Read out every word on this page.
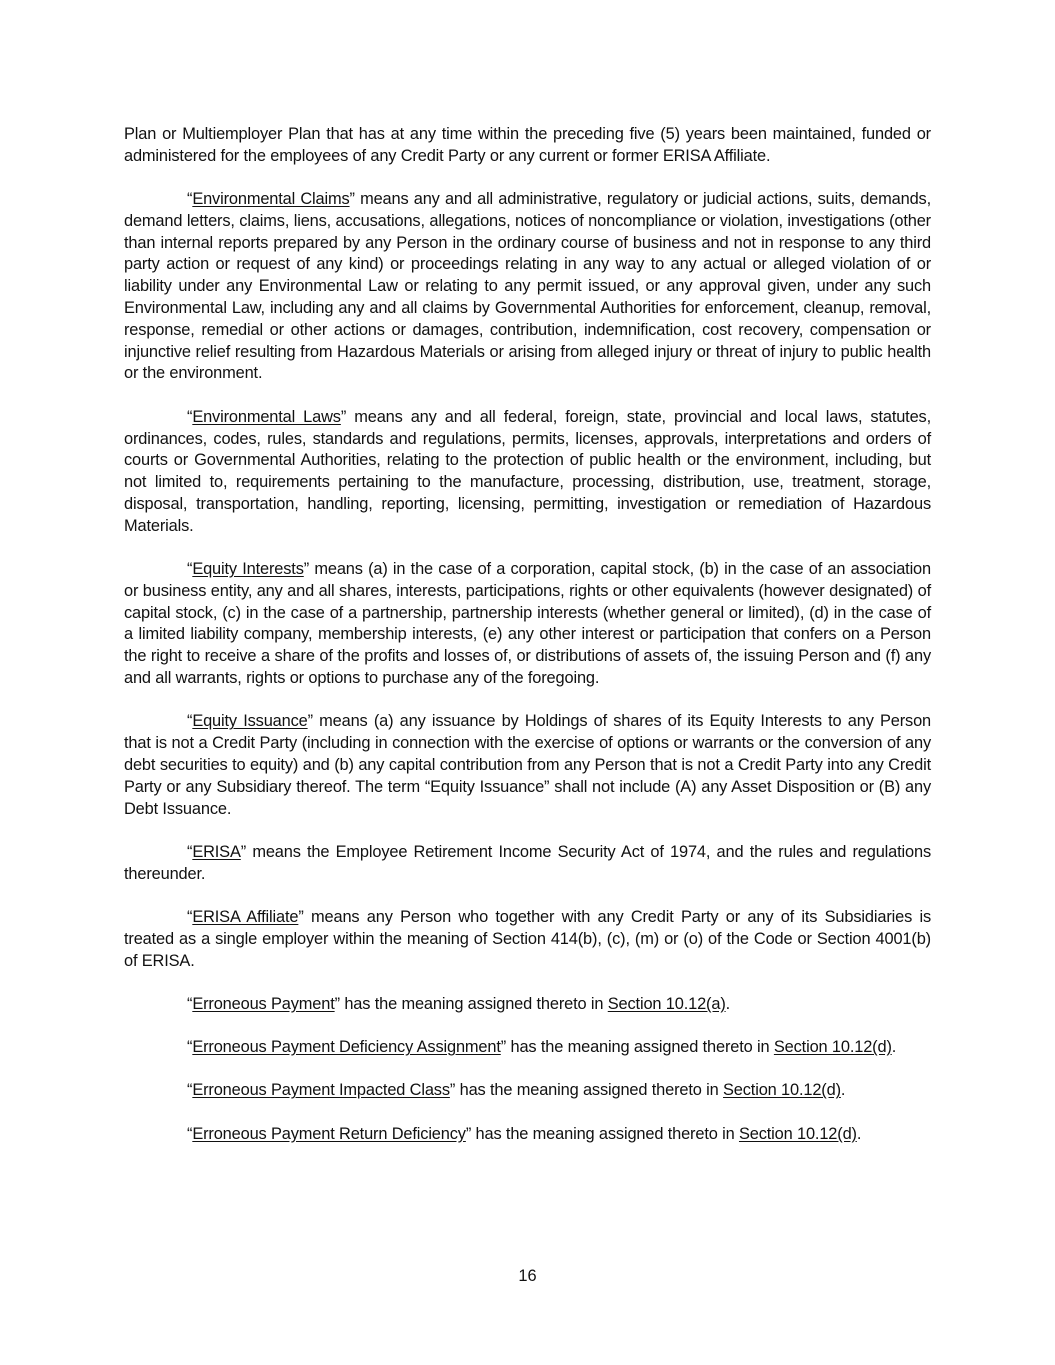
Plan or Multiemployer Plan that has at any time within the preceding five (5) years been maintained, funded or administered for the employees of any Credit Party or any current or former ERISA Affiliate.

“Environmental Claims” means any and all administrative, regulatory or judicial actions, suits, demands, demand letters, claims, liens, accusations, allegations, notices of noncompliance or violation, investigations (other than internal reports prepared by any Person in the ordinary course of business and not in response to any third party action or request of any kind) or proceedings relating in any way to any actual or alleged violation of or liability under any Environmental Law or relating to any permit issued, or any approval given, under any such Environmental Law, including any and all claims by Governmental Authorities for enforcement, cleanup, removal, response, remedial or other actions or damages, contribution, indemnification, cost recovery, compensation or injunctive relief resulting from Hazardous Materials or arising from alleged injury or threat of injury to public health or the environment.

“Environmental Laws” means any and all federal, foreign, state, provincial and local laws, statutes, ordinances, codes, rules, standards and regulations, permits, licenses, approvals, interpretations and orders of courts or Governmental Authorities, relating to the protection of public health or the environment, including, but not limited to, requirements pertaining to the manufacture, processing, distribution, use, treatment, storage, disposal, transportation, handling, reporting, licensing, permitting, investigation or remediation of Hazardous Materials.

“Equity Interests” means (a) in the case of a corporation, capital stock, (b) in the case of an association or business entity, any and all shares, interests, participations, rights or other equivalents (however designated) of capital stock, (c) in the case of a partnership, partnership interests (whether general or limited), (d) in the case of a limited liability company, membership interests, (e) any other interest or participation that confers on a Person the right to receive a share of the profits and losses of, or distributions of assets of, the issuing Person and (f) any and all warrants, rights or options to purchase any of the foregoing.

“Equity Issuance” means (a) any issuance by Holdings of shares of its Equity Interests to any Person that is not a Credit Party (including in connection with the exercise of options or warrants or the conversion of any debt securities to equity) and (b) any capital contribution from any Person that is not a Credit Party into any Credit Party or any Subsidiary thereof. The term “Equity Issuance” shall not include (A) any Asset Disposition or (B) any Debt Issuance.

“ERISA” means the Employee Retirement Income Security Act of 1974, and the rules and regulations thereunder.

“ERISA Affiliate” means any Person who together with any Credit Party or any of its Subsidiaries is treated as a single employer within the meaning of Section 414(b), (c), (m) or (o) of the Code or Section 4001(b) of ERISA.

“Erroneous Payment” has the meaning assigned thereto in Section 10.12(a).

“Erroneous Payment Deficiency Assignment” has the meaning assigned thereto in Section 10.12(d).

“Erroneous Payment Impacted Class” has the meaning assigned thereto in Section 10.12(d).

“Erroneous Payment Return Deficiency” has the meaning assigned thereto in Section 10.12(d).

16
